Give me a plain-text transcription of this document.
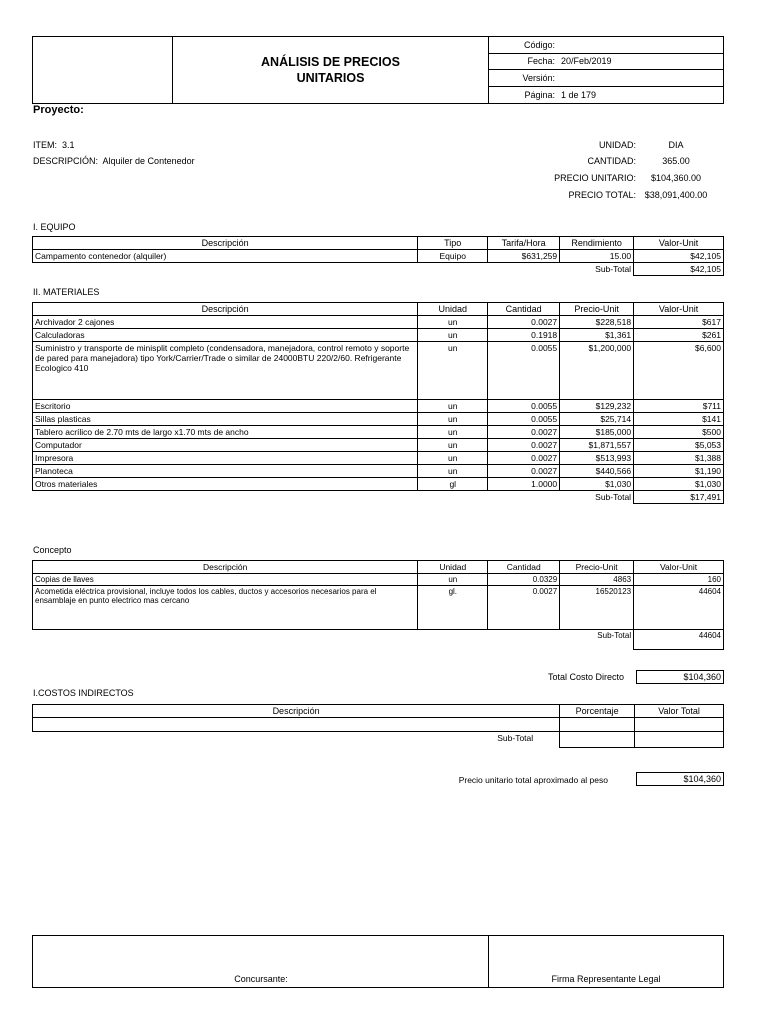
ANÁLISIS DE PRECIOS
UNITARIOS
Código:
Fecha: 20/Feb/2019
Versión:
Página: 1 de 179
Proyecto:
ITEM: 3.1
DESCRIPCIÓN: Alquiler de Contenedor
UNIDAD:	DIA
CANTIDAD:	365.00
PRECIO UNITARIO:	$104,360.00
PRECIO TOTAL: $38,091,400.00
I. EQUIPO
Descripción	Tipo	Tarifa/Hora	Rendimiento	Valor-Unit
Campamento contenedor (alquiler)	Equipo	$631,259	15.00	$42,105
			Sub-Total	$42,105
II. MATERIALES
Descripción	Unidad	Cantidad	Precio-Unit	Valor-Unit
Archivador 2 cajones	un	0.0027	$228,518	$617
Calculadoras	un	0.1918	$1,361	$261
Suministro y transporte de minisplit completo (condensadora, manejadora, control remoto y soporte de pared para manejadora) tipo York/Carrier/Trade o similar de 24000BTU 220/2/60. Refrigerante Ecologico 410	un	0.0055	$1,200,000	$6,600
Escritorio	un	0.0055	$129,232	$711
Sillas plasticas	un	0.0055	$25,714	$141
Tablero acrílico de 2.70 mts de largo x1.70 mts de ancho	un	0.0027	$185,000	$500
Computador	un	0.0027	$1,871,557	$5,053
Impresora	un	0.0027	$513,993	$1,388
Planoteca	un	0.0027	$440,566	$1,190
Otros materiales	gl	1.0000	$1,030	$1,030
			Sub-Total	$17,491
Concepto
Descripción	Unidad	Cantidad	Precio-Unit	Valor-Unit
Copias de llaves	un	0.0329	4863	160
Acometida eléctrica provisional, incluye todos los cables, ductos y accesorios necesarios para el ensamblaje en punto electrico mas cercano	gl.	0.0027	16520123	44604
			Sub-Total	44604
Total Costo Directo	$104,360
I.COSTOS INDIRECTOS
Descripción	Porcentaje	Valor Total

Sub-Total		
Precio unitario total aproximado al peso	$104,360
Concursante:	Firma Representante Legal
